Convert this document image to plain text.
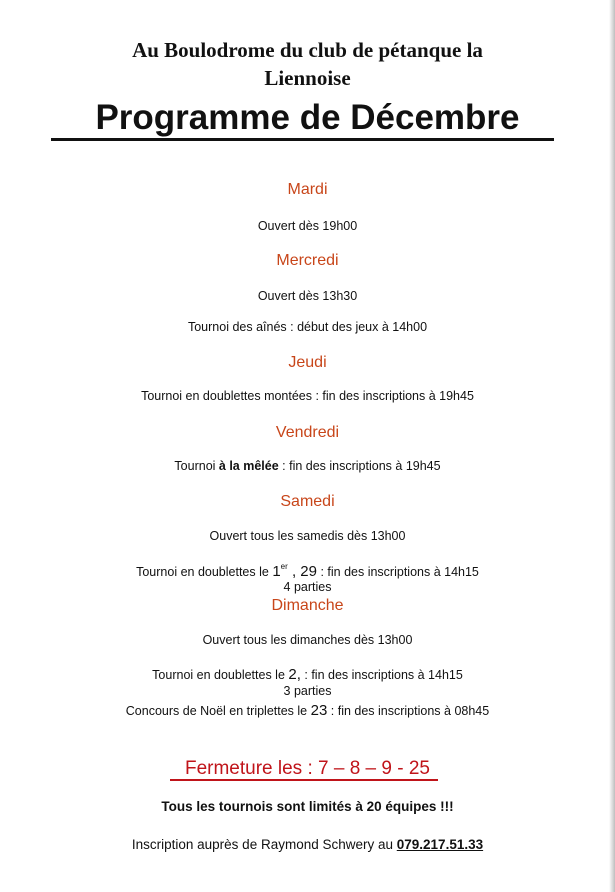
Au Boulodrome du club de pétanque la
Liennoise
Programme de Décembre
Mardi
Ouvert dès 19h00
Mercredi
Ouvert dès 13h30
Tournoi des aînés : début des jeux à 14h00
Jeudi
Tournoi en doublettes montées : fin des inscriptions à 19h45
Vendredi
Tournoi à la mêlée : fin des inscriptions à 19h45
Samedi
Ouvert tous les samedis dès 13h00
Tournoi en doublettes le 1er , 29 : fin des inscriptions à 14h15
4 parties
Dimanche
Ouvert tous les dimanches dès 13h00
Tournoi en doublettes le 2, : fin des inscriptions à 14h15
3 parties
Concours de Noël en triplettes le 23 : fin des inscriptions à 08h45
Fermeture les : 7 – 8 – 9 - 25
Tous les tournois sont limités à 20 équipes !!!
Inscription auprès de Raymond Schwery au 079.217.51.33
